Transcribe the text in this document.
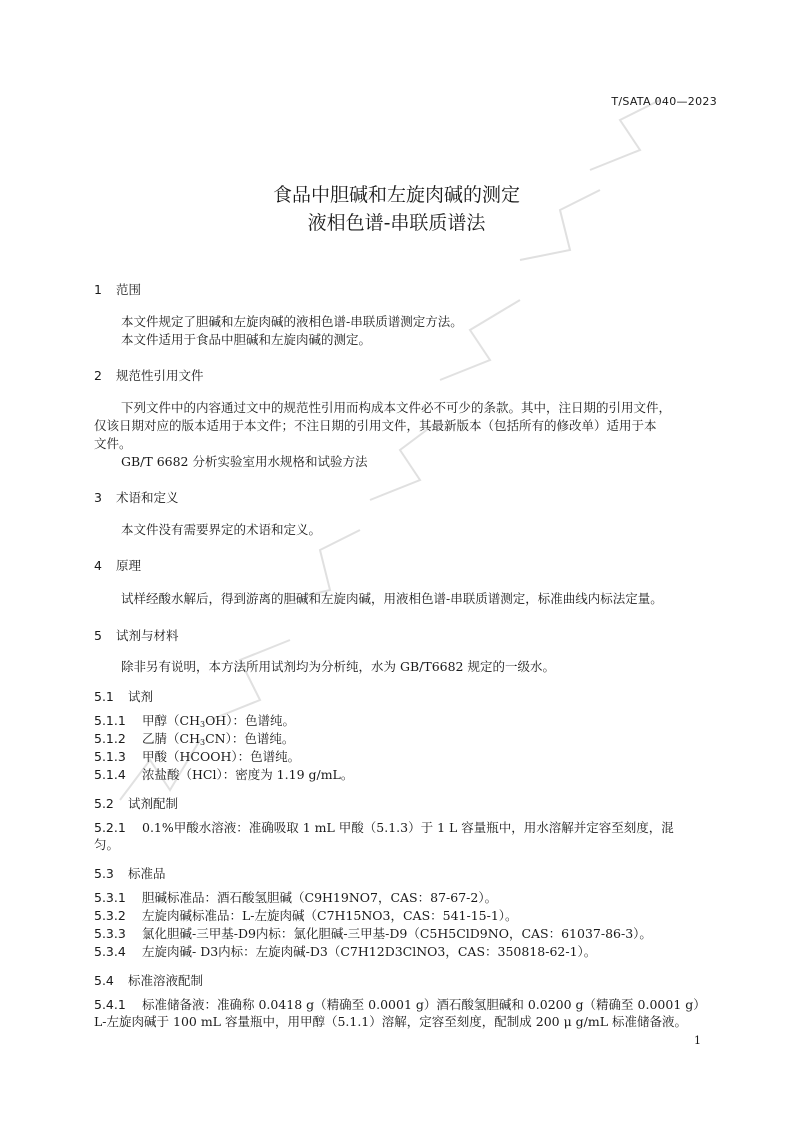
T/SATA 040—2023
食品中胆碱和左旋肉碱的测定
液相色谱-串联质谱法
1 范围
本文件规定了胆碱和左旋肉碱的液相色谱-串联质谱测定方法。
本文件适用于食品中胆碱和左旋肉碱的测定。
2 规范性引用文件
下列文件中的内容通过文中的规范性引用而构成本文件必不可少的条款。其中，注日期的引用文件，
仅该日期对应的版本适用于本文件；不注日期的引用文件，其最新版本（包括所有的修改单）适用于本
文件。
GB/T 6682 分析实验室用水规格和试验方法
3 术语和定义
本文件没有需要界定的术语和定义。
4 原理
试样经酸水解后，得到游离的胆碱和左旋肉碱，用液相色谱-串联质谱测定，标准曲线内标法定量。
5 试剂与材料
除非另有说明，本方法所用试剂均为分析纯，水为 GB/T6682 规定的一级水。
5.1 试剂
5.1.1 甲醇$(CH_3OH)$：色谱纯。
5.1.2 乙腈$(CH_3CN)$：色谱纯。
5.1.3 甲酸（HCOOH）：色谱纯。
5.1.4 浓盐酸（HCl）：密度为 1.19 g/mL。
5.2 试剂配制
5.2.1 0.1%甲酸水溶液：准确吸取 1 mL 甲酸（5.1.3）于 1 L 容量瓶中，用水溶解并定容至刻度，混
匀。
5.3 标准品
5.3.1 胆碱标准品：酒石酸氢胆碱（C9H19NO7，CAS：87-67-2）。
5.3.2 左旋肉碱标准品：L-左旋肉碱（C7H15NO3，CAS：541-15-1）。
5.3.3 氯化胆碱-三甲基-D9内标：氯化胆碱-三甲基-D9（C5H5ClD9NO，CAS：61037-86-3）。
5.3.4 左旋肉碱- D3内标：左旋肉碱-D3（C7H12D3ClNO3，CAS：350818-62-1）。
5.4 标准溶液配制
5.4.1 标准储备液：准确称 0.0418 g（精确至 0.0001 g）酒石酸氢胆碱和 0.0200 g（精确至 0.0001 g）
L-左旋肉碱于 100 mL 容量瓶中，用甲醇（5.1.1）溶解，定容至刻度，配制成 200 μ g/mL 标准储备液。
1
